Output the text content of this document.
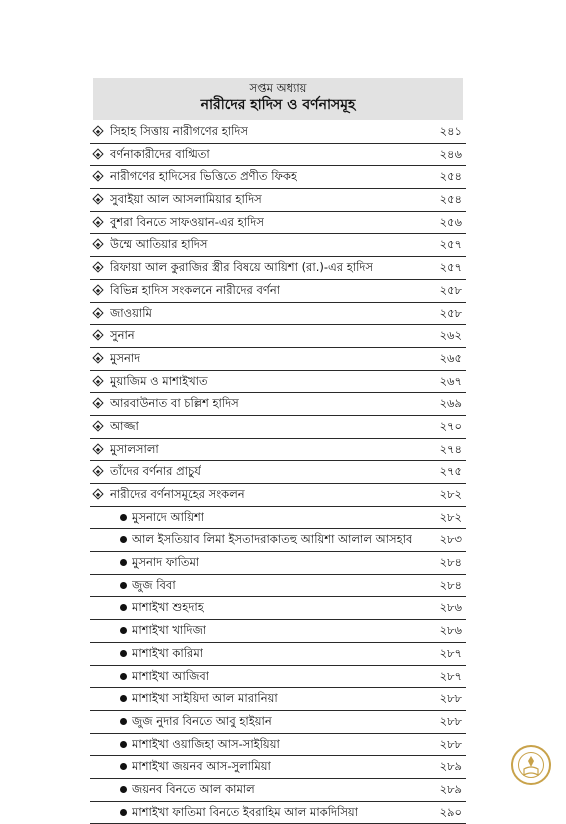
সপ্তম অধ্যায়
নারীদের হাদিস ও বর্ণনাসমূহ
সিহাহ সিত্তায় নারীগণের হাদিস	২৪১
বর্ণনাকারীদের বাগ্মিতা	২৪৬
নারীগণের হাদিসের ভিত্তিতে প্রণীত ফিকহ	২৫৪
সুবাইয়া আল আসলামিয়ার হাদিস	২৫৪
বুশরা বিনতে সাফওয়ান-এর হাদিস	২৫৬
উম্মে আতিয়ার হাদিস	২৫৭
রিফায়া আল কুরাজির স্ত্রীর বিষয়ে আয়িশা (রা.)-এর হাদিস	২৫৭
বিভিন্ন হাদিস সংকলনে নারীদের বর্ণনা	২৫৮
জাওয়ামি	২৫৮
সুনান	২৬২
মুসনাদ	২৬৫
মুয়াজিম ও মাশাইখাত	২৬৭
আরবাউনাত বা চল্লিশ হাদিস	২৬৯
আজ্জা	২৭০
মুসালসালা	২৭৪
তাঁদের বর্ণনার প্রাচুর্য	২৭৫
নারীদের বর্ণনাসমূহের সংকলন	২৮২
মুসনাদে আয়িশা	২৮২
আল ইসতিয়াব লিমা ইসতাদরাকাতহু আয়িশা আলাল আসহাব ২৮৩
মুসনাদ ফাতিমা	২৮৪
জুজ বিবা	২৮৪
মাশাইখা শুহদাহ	২৮৬
মাশাইখা খাদিজা	২৮৬
মাশাইখা কারিমা	২৮৭
মাশাইখা আজিবা	২৮৭
মাশাইখা সাইয়িদা আল মারানিয়া	২৮৮
জুজ নুদার বিনতে আবু হাইয়ান	২৮৮
মাশাইখা ওয়াজিহা আস-সাইয়িয়া	২৮৮
মাশাইখা জয়নব আস-সুলামিয়া	২৮৯
জয়নব বিনতে আল কামাল	২৮৯
মাশাইখা ফাতিমা বিনতে ইবরাহিম আল মাকদিসিয়া	২৯০
